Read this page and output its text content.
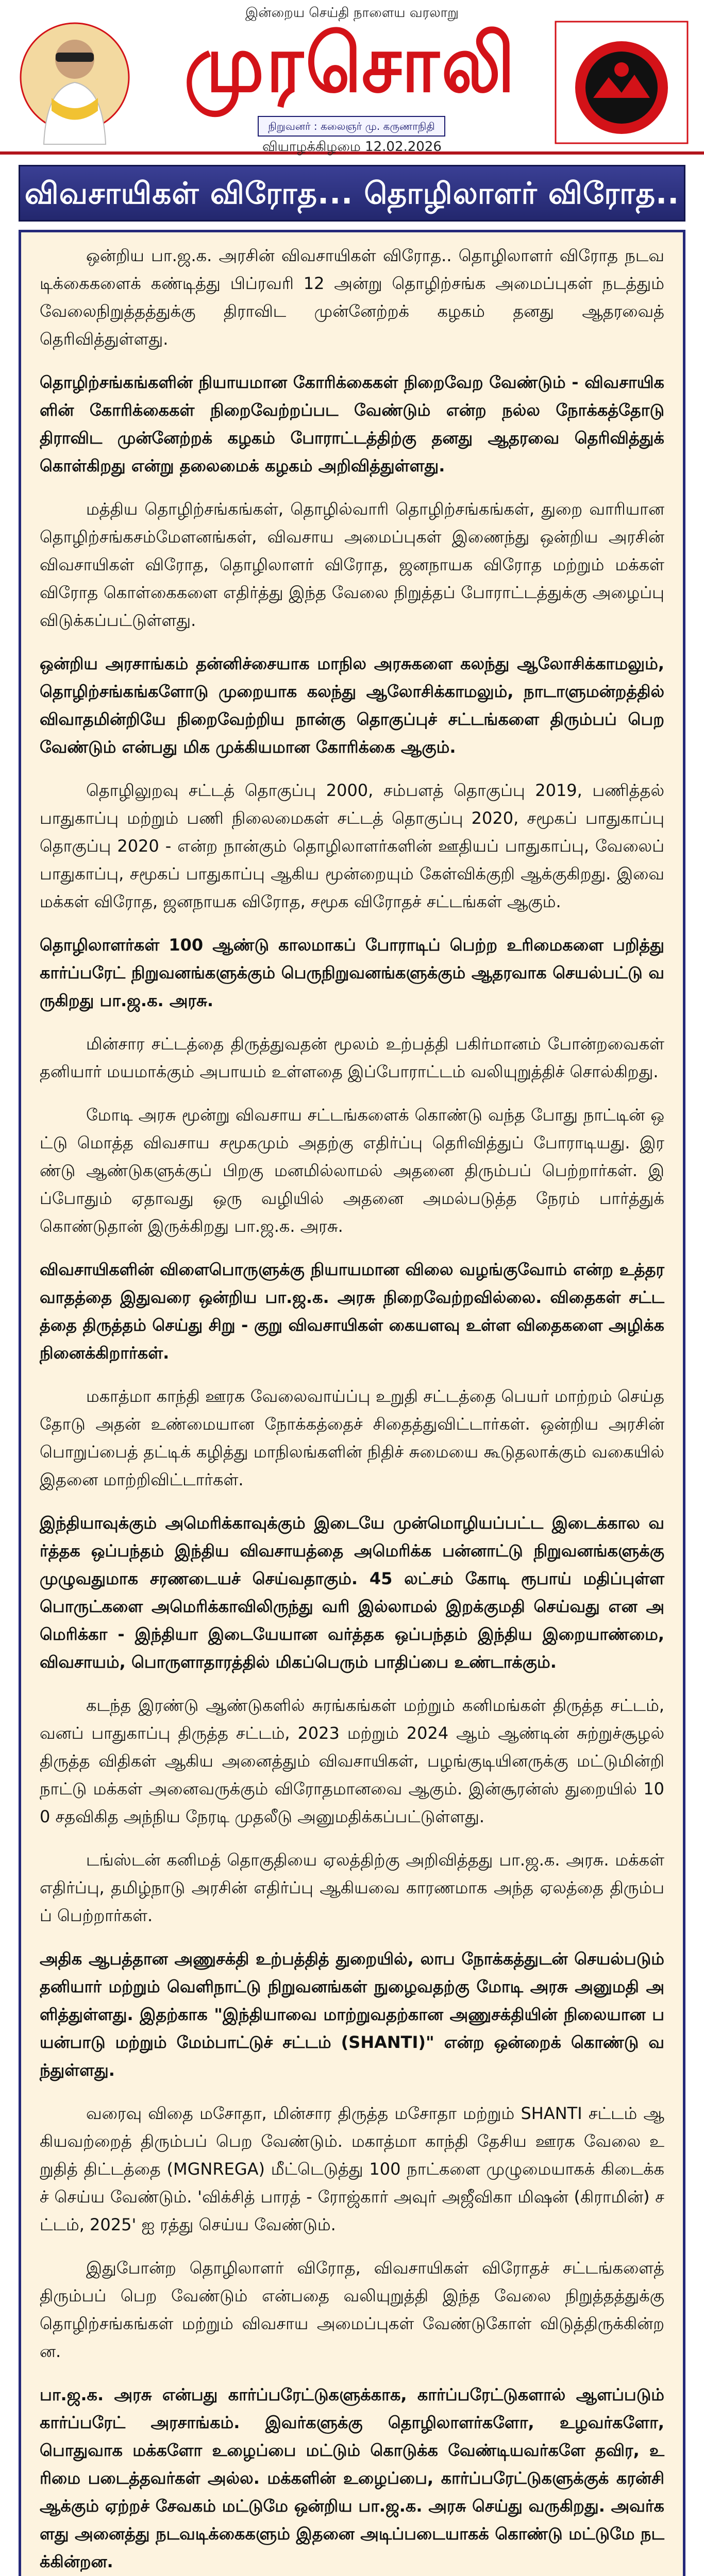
இன்றைய செய்தி நாளைய வரலாறு
முரசொலி
நிறுவனர் : கலைஞர் மு. கருணாநிதி
வியாழக்கிழமை 12.02.2026
விவசாயிகள் விரோத... தொழிலாளர் விரோத..

ஒன்றிய பா.ஜ.க. அரசின் விவசாயிகள் விரோத.. தொழிலாளர் விரோத நடவடிக்கைகளைக் கண்டித்து பிப்ரவரி 12 அன்று தொழிற்சங்க அமைப்புகள் நடத்தும் வேலைநிறுத்தத்துக்கு திராவிட முன்னேற்றக் கழகம் தனது ஆதரவைத் தெரிவித்துள்ளது.

தொழிற்சங்கங்களின் நியாயமான கோரிக்கைகள் நிறைவேற வேண்டும் - விவசாயிகளின் கோரிக்கைகள் நிறைவேற்றப்பட வேண்டும் என்ற நல்ல நோக்கத்தோடு திராவிட முன்னேற்றக் கழகம் போராட்டத்திற்கு தனது ஆதரவை தெரிவித்துக் கொள்கிறது என்று தலைமைக் கழகம் அறிவித்துள்ளது.

மத்திய தொழிற்சங்கங்கள், தொழில்வாரி தொழிற்சங்கங்கள், துறை வாரியான தொழிற்சங்கசம்மேளனங்கள், விவசாய அமைப்புகள் இணைந்து ஒன்றிய அரசின் விவசாயிகள் விரோத, தொழிலாளர் விரோத, ஜனநாயக விரோத மற்றும் மக்கள் விரோத கொள்கைகளை எதிர்த்து இந்த வேலை நிறுத்தப் போராட்டத்துக்கு அழைப்பு விடுக்கப்பட்டுள்ளது.

ஒன்றிய அரசாங்கம் தன்னிச்சையாக மாநில அரசுகளை கலந்து ஆலோசிக்காமலும், தொழிற்சங்கங்களோடு முறையாக கலந்து ஆலோசிக்காமலும், நாடாளுமன்றத்தில் விவாதமின்றியே நிறைவேற்றிய நான்கு தொகுப்புச் சட்டங்களை திரும்பப் பெற வேண்டும் என்பது மிக முக்கியமான கோரிக்கை ஆகும்.

தொழிலுறவு சட்டத் தொகுப்பு 2000, சம்பளத் தொகுப்பு 2019, பணித்தல் பாதுகாப்பு மற்றும் பணி நிலைமைகள் சட்டத் தொகுப்பு 2020, சமூகப் பாதுகாப்பு தொகுப்பு 2020 - என்ற நான்கும் தொழிலாளர்களின் ஊதியப் பாதுகாப்பு, வேலைப் பாதுகாப்பு, சமூகப் பாதுகாப்பு ஆகிய மூன்றையும் கேள்விக்குறி ஆக்குகிறது. இவை மக்கள் விரோத, ஜனநாயக விரோத, சமூக விரோதச் சட்டங்கள் ஆகும்.

தொழிலாளர்கள் 100 ஆண்டு காலமாகப் போராடிப் பெற்ற உரிமைகளை பறித்து கார்ப்பரேட் நிறுவனங்களுக்கும் பெருநிறுவனங்களுக்கும் ஆதரவாக செயல்பட்டு வருகிறது பா.ஜ.க. அரசு.

மின்சார சட்டத்தை திருத்துவதன் மூலம் உற்பத்தி பகிர்மானம் போன்றவைகள் தனியார் மயமாக்கும் அபாயம் உள்ளதை இப்போராட்டம் வலியுறுத்திச் சொல்கிறது.

மோடி அரசு மூன்று விவசாய சட்டங்களைக் கொண்டு வந்த போது நாட்டின் ஒட்டு மொத்த விவசாய சமூகமும் அதற்கு எதிர்ப்பு தெரிவித்துப் போராடியது. இரண்டு ஆண்டுகளுக்குப் பிறகு மனமில்லாமல் அதனை திரும்பப் பெற்றார்கள். இப்போதும் ஏதாவது ஒரு வழியில் அதனை அமல்படுத்த நேரம் பார்த்துக் கொண்டுதான் இருக்கிறது பா.ஜ.க. அரசு.

விவசாயிகளின் விளைபொருளுக்கு நியாயமான விலை வழங்குவோம் என்ற உத்தரவாதத்தை இதுவரை ஒன்றிய பா.ஜ.க. அரசு நிறைவேற்றவில்லை. விதைகள் சட்டத்தை திருத்தம் செய்து சிறு - குறு விவசாயிகள் கையளவு உள்ள விதைகளை அழிக்க நினைக்கிறார்கள்.

மகாத்மா காந்தி ஊரக வேலைவாய்ப்பு உறுதி சட்டத்தை பெயர் மாற்றம் செய்ததோடு அதன் உண்மையான நோக்கத்தைச் சிதைத்துவிட்டார்கள். ஒன்றிய அரசின் பொறுப்பைத் தட்டிக் கழித்து மாநிலங்களின் நிதிச் சுமையை கூடுதலாக்கும் வகையில் இதனை மாற்றிவிட்டார்கள்.

இந்தியாவுக்கும் அமெரிக்காவுக்கும் இடையே முன்மொழியப்பட்ட இடைக்கால வர்த்தக ஒப்பந்தம் இந்திய விவசாயத்தை அமெரிக்க பன்னாட்டு நிறுவனங்களுக்கு முழுவதுமாக சரணடையச் செய்வதாகும். 45 லட்சம் கோடி ரூபாய் மதிப்புள்ள பொருட்களை அமெரிக்காவிலிருந்து வரி இல்லாமல் இறக்குமதி செய்வது என அமெரிக்கா - இந்தியா இடையேயான வர்த்தக ஒப்பந்தம் இந்திய இறையாண்மை, விவசாயம், பொருளாதாரத்தில் மிகப்பெரும் பாதிப்பை உண்டாக்கும்.

கடந்த இரண்டு ஆண்டுகளில் சுரங்கங்கள் மற்றும் கனிமங்கள் திருத்த சட்டம், வனப் பாதுகாப்பு திருத்த சட்டம், 2023 மற்றும் 2024 ஆம் ஆண்டின் சுற்றுச்சூழல் திருத்த விதிகள் ஆகிய அனைத்தும் விவசாயிகள், பழங்குடியினருக்கு மட்டுமின்றி நாட்டு மக்கள் அனைவருக்கும் விரோதமானவை ஆகும். இன்சூரன்ஸ் துறையில் 100 சதவிகித அந்நிய நேரடி முதலீடு அனுமதிக்கப்பட்டுள்ளது.

டங்ஸ்டன் கனிமத் தொகுதியை ஏலத்திற்கு அறிவித்தது பா.ஜ.க. அரசு. மக்கள் எதிர்ப்பு, தமிழ்நாடு அரசின் எதிர்ப்பு ஆகியவை காரணமாக அந்த ஏலத்தை திரும்பப் பெற்றார்கள்.

அதிக ஆபத்தான அணுசக்தி உற்பத்தித் துறையில், லாப நோக்கத்துடன் செயல்படும் தனியார் மற்றும் வெளிநாட்டு நிறுவனங்கள் நுழைவதற்கு மோடி அரசு அனுமதி அளித்துள்ளது. இதற்காக "இந்தியாவை மாற்றுவதற்கான அணுசக்தியின் நிலையான பயன்பாடு மற்றும் மேம்பாட்டுச் சட்டம் (SHANTI)" என்ற ஒன்றைக் கொண்டு வந்துள்ளது.

வரைவு விதை மசோதா, மின்சார திருத்த மசோதா மற்றும் SHANTI சட்டம் ஆகியவற்றைத் திரும்பப் பெற வேண்டும். மகாத்மா காந்தி தேசிய ஊரக வேலை உறுதித் திட்டத்தை (MGNREGA) மீட்டெடுத்து 100 நாட்களை முழுமையாகக் கிடைக்கச் செய்ய வேண்டும். 'விக்சித் பாரத் - ரோஜ்கார் அவுர் அஜீவிகா மிஷன் (கிராமின்) சட்டம், 2025' ஐ ரத்து செய்ய வேண்டும்.

இதுபோன்ற தொழிலாளர் விரோத, விவசாயிகள் விரோதச் சட்டங்களைத் திரும்பப் பெற வேண்டும் என்பதை வலியுறுத்தி இந்த வேலை நிறுத்தத்துக்கு தொழிற்சங்கங்கள் மற்றும் விவசாய அமைப்புகள் வேண்டுகோள் விடுத்திருக்கின்றன.

பா.ஜ.க. அரசு என்பது கார்ப்பரேட்டுகளுக்காக, கார்ப்பரேட்டுகளால் ஆளப்படும் கார்ப்பரேட் அரசாங்கம். இவர்களுக்கு தொழிலாளர்களோ, உழவர்களோ, பொதுவாக மக்களோ உழைப்பை மட்டும் கொடுக்க வேண்டியவர்களே தவிர, உரிமை படைத்தவர்கள் அல்ல. மக்களின் உழைப்பை, கார்ப்பரேட்டுகளுக்குக் கரன்சி ஆக்கும் ஏற்றச் சேவகம் மட்டுமே ஒன்றிய பா.ஜ.க. அரசு செய்து வருகிறது. அவர்களது அனைத்து நடவடிக்கைகளும் இதனை அடிப்படையாகக் கொண்டு மட்டுமே நடக்கின்றன.
